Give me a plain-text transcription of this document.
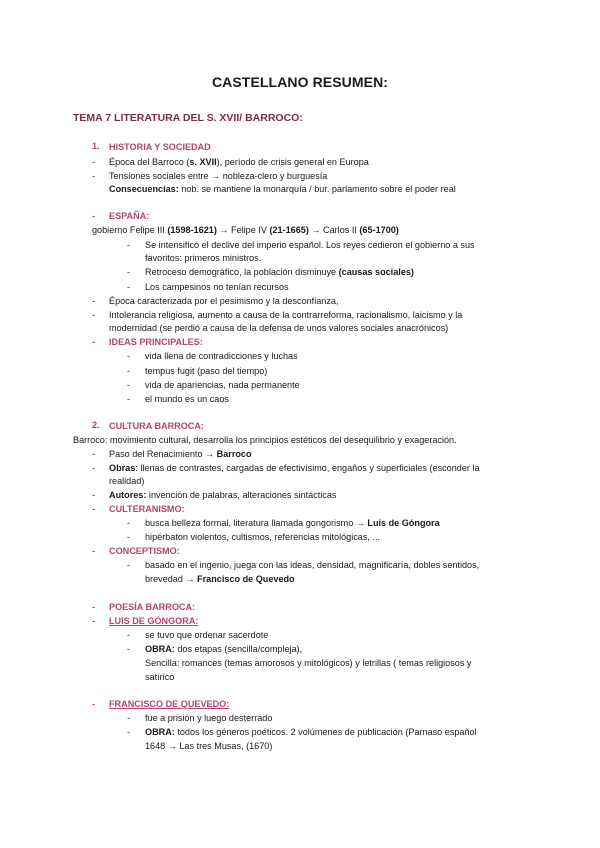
CASTELLANO RESUMEN:
TEMA 7 LITERATURA DEL S. XVII/ BARROCO:
1. HISTORIA Y SOCIEDAD
- Época del Barroco (s. XVII), período de crisis general en Europa
- Tensiones sociales entre → nobleza-clero y burguesía
Consecuencias: nob. se mantiene la monarquía / bur. parlamento sobre el poder real
- ESPAÑA:
gobierno Felipe III (1598-1621) → Felipe IV (21-1665) → Carlos II (65-1700)
- Se intensificó el declive del imperio español. Los reyes cedieron el gobierno a sus
favoritos: primeros ministros.
- Retroceso demográfico, la población disminuye (causas sociales)
- Los campesinos no tenían recursos
- Época caracterizada por el pesimismo y la desconfianza,
- Intolerancia religiosa, aumento a causa de la contrarreforma, racionalismo, laicismo y la
modernidad (se perdió a causa de la defensa de unos valores sociales anacrónicos)
- IDEAS PRINCIPALES:
- vida llena de contradicciones y luchas
- tempus fugit (paso del tiempo)
- vida de apariencias, nada permanente
- el mundo es un caos
2. CULTURA BARROCA:
Barroco: movimiento cultural, desarrolla los principios estéticos del desequilibrio y exageración.
- Paso del Renacimiento → Barroco
- Obras: llenas de contrastes, cargadas de efectivísimo, engaños y superficiales (esconder la
realidad)
- Autores: invención de palabras, alteraciones sintácticas
- CULTERANISMO:
- busca belleza formal, literatura llamada gongorismo → Luis de Góngora
- hipérbaton violentos, cultismos, referencias mitológicas, ...
- CONCEPTISMO:
- basado en el ingenio, juega con las ideas, densidad, magnificaría, dobles sentidos,
brevedad → Francisco de Quevedo
- POESÍA BARROCA:
- LUIS DE GÓNGORA:
- se tuvo que ordenar sacerdote
- OBRA: dos etapas (sencilla/compleja),
Sencilla: romances (temas amorosos y mitológicos) y letrillas ( temas religiosos y
satírico
- FRANCISCO DE QUEVEDO:
- fue a prisión y luego desterrado
- OBRA: todos los géneros poéticos. 2 volúmenes de publicación (Parnaso español
1648 → Las tres Musas, (1670)
